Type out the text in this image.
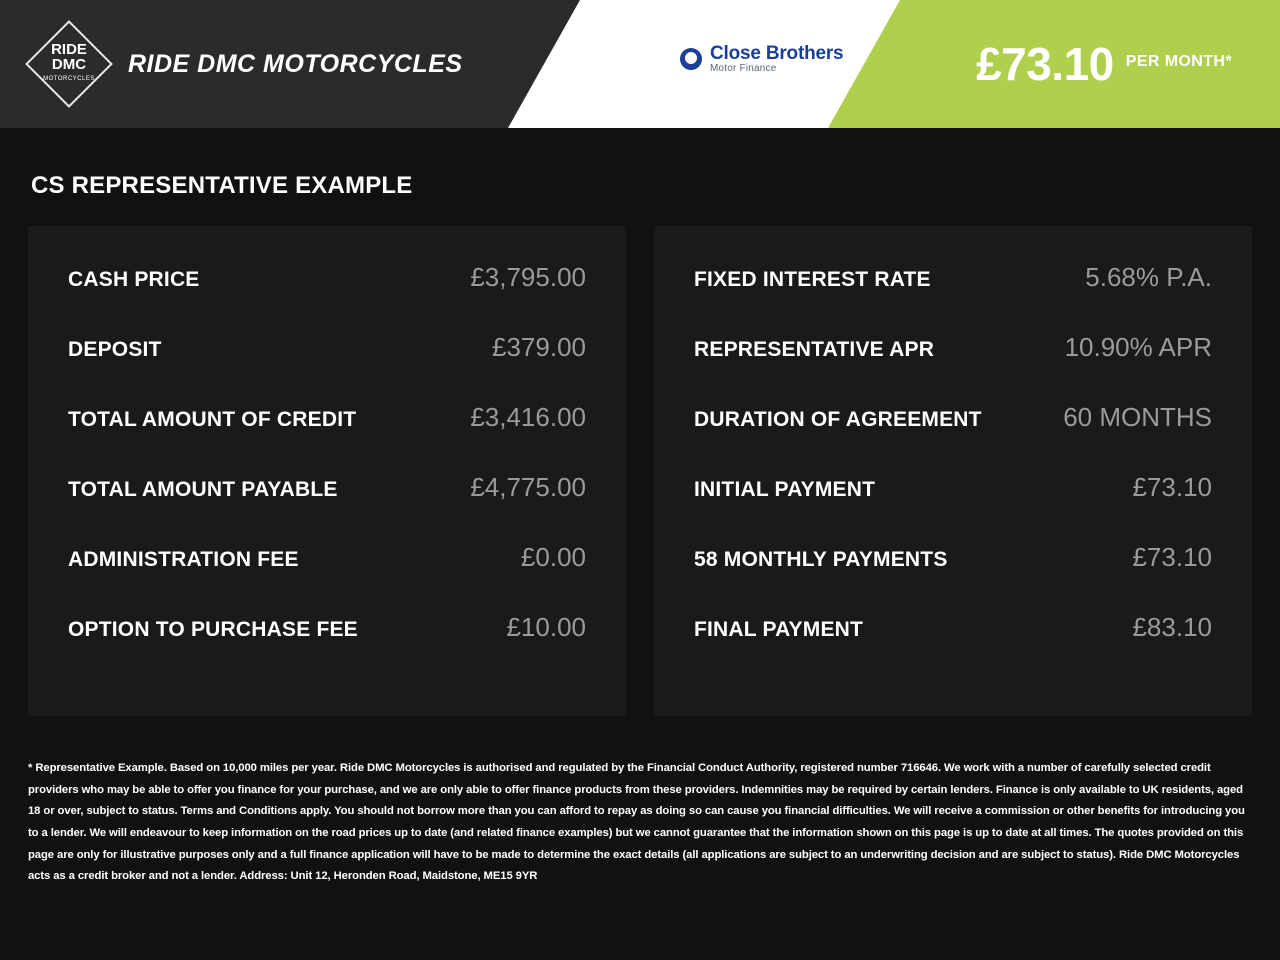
RIDE
DMC
MOTORCYCLES
RIDE DMC MOTORCYCLES	Close Brothers
Motor Finance	£73.10 PER MONTH*
CS REPRESENTATIVE EXAMPLE
CASH PRICE	£3,795.00
DEPOSIT	£379.00
TOTAL AMOUNT OF CREDIT	£3,416.00
TOTAL AMOUNT PAYABLE	£4,775.00
ADMINISTRATION FEE	£0.00
OPTION TO PURCHASE FEE	£10.00
FIXED INTEREST RATE	5.68% P.A.
REPRESENTATIVE APR	10.90% APR
DURATION OF AGREEMENT	60 MONTHS
INITIAL PAYMENT	£73.10
58 MONTHLY PAYMENTS	£73.10
FINAL PAYMENT	£83.10
* Representative Example. Based on 10,000 miles per year. Ride DMC Motorcycles is authorised and regulated by the Financial Conduct Authority, registered number 716646. We work with a number of carefully selected credit providers who may be able to offer you finance for your purchase, and we are only able to offer finance products from these providers. Indemnities may be required by certain lenders. Finance is only available to UK residents, aged 18 or over, subject to status. Terms and Conditions apply. You should not borrow more than you can afford to repay as doing so can cause you financial difficulties. We will receive a commission or other benefits for introducing you to a lender. We will endeavour to keep information on the road prices up to date (and related finance examples) but we cannot guarantee that the information shown on this page is up to date at all times. The quotes provided on this page are only for illustrative purposes only and a full finance application will have to be made to determine the exact details (all applications are subject to an underwriting decision and are subject to status). Ride DMC Motorcycles acts as a credit broker and not a lender. Address: Unit 12, Heronden Road, Maidstone, ME15 9YR
